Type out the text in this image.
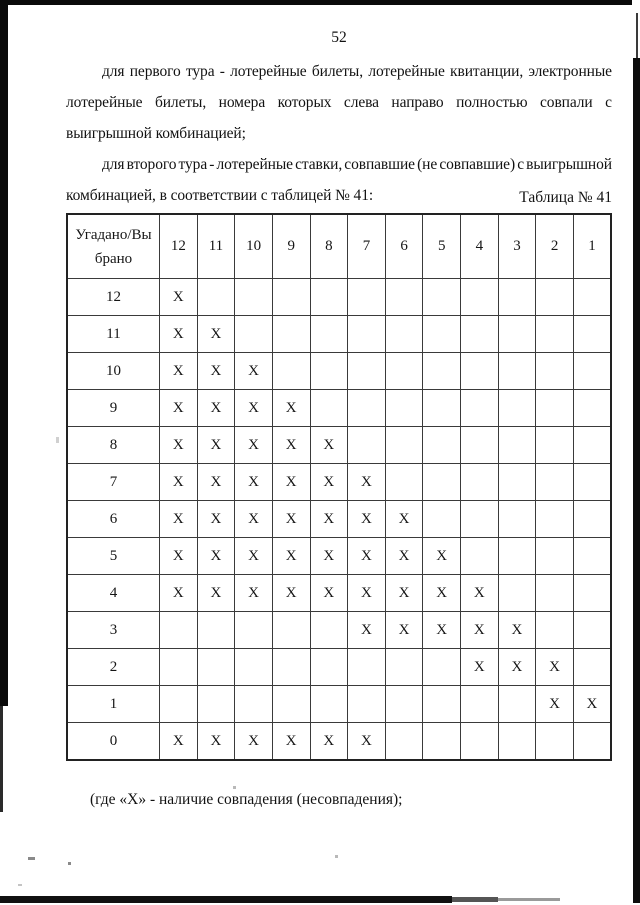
52
для первого тура - лотерейные билеты, лотерейные квитанции, электронные
лотерейные билеты, номера которых слева направо полностью совпали с
выигрышной комбинацией;
для второго тура - лотерейные ставки, совпавшие (не совпавшие) с выигрышной
комбинацией, в соответствии с таблицей № 41:	Таблица № 41
Угадано/Вы
брано	12	11	10	9	8	7	6	5	4	3	2	1
12	Х											
11	Х	Х										
10	Х	Х	Х									
9	Х	Х	Х	Х								
8	Х	Х	Х	Х	Х							
7	Х	Х	Х	Х	Х	Х						
6	Х	Х	Х	Х	Х	Х	Х					
5	Х	Х	Х	Х	Х	Х	Х	Х				
4	Х	Х	Х	Х	Х	Х	Х	Х	Х			
3						Х	Х	Х	Х	Х		
2									Х	Х	Х	
1											Х	Х
0	Х	Х	Х	Х	Х	Х						
(где «Х» - наличие совпадения (несовпадения);
